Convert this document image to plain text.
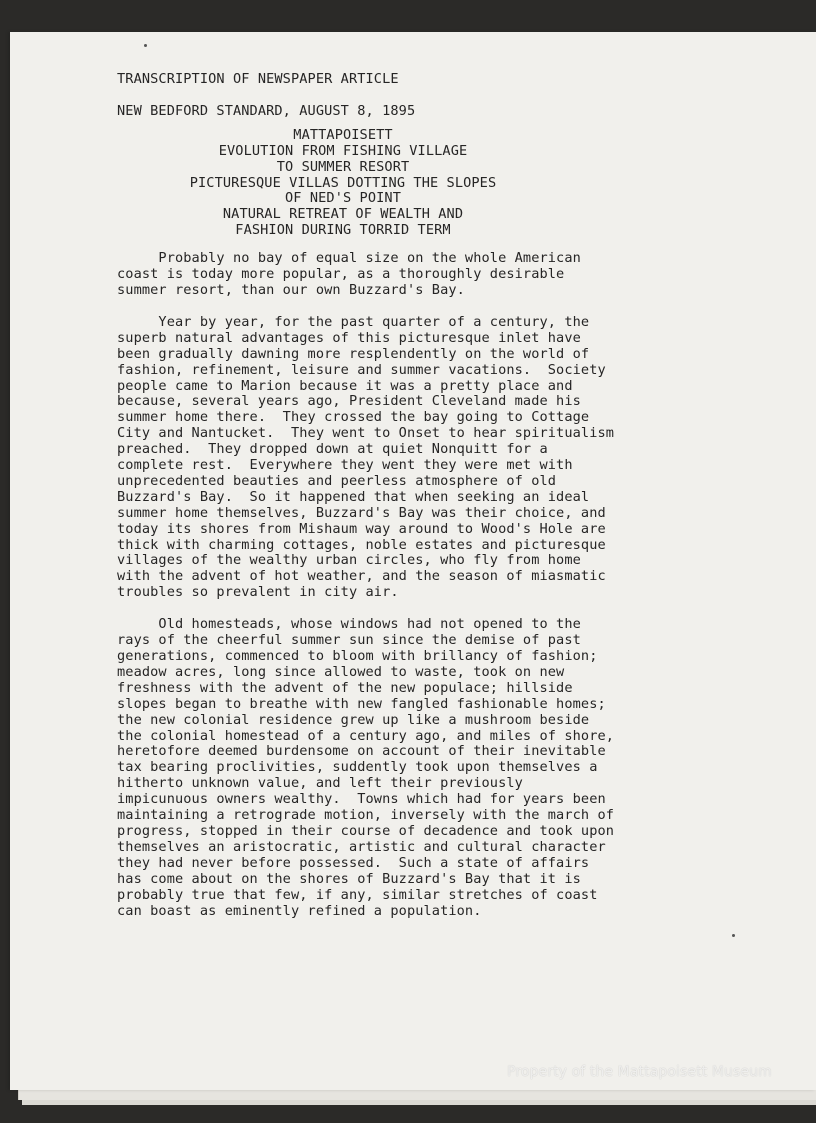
TRANSCRIPTION OF NEWSPAPER ARTICLE

NEW BEDFORD STANDARD, AUGUST 8, 1895

MATTAPOISETT

EVOLUTION FROM FISHING VILLAGE

TO SUMMER RESORT

PICTURESQUE VILLAS DOTTING THE SLOPES

OF NED'S POINT

NATURAL RETREAT OF WEALTH AND

FASHION DURING TORRID TERM

Probably no bay of equal size on the whole American
coast is today more popular, as a thoroughly desirable
summer resort, than our own Buzzard's Bay.
Year by year, for the past quarter of a century, the
superb natural advantages of this picturesque inlet have
been gradually dawning more resplendently on the world of
fashion, refinement, leisure and summer vacations.  Society
people came to Marion because it was a pretty place and
because, several years ago, President Cleveland made his
summer home there.  They crossed the bay going to Cottage
City and Nantucket.  They went to Onset to hear spiritualism
preached.  They dropped down at quiet Nonquitt for a
complete rest.  Everywhere they went they were met with
unprecedented beauties and peerless atmosphere of old
Buzzard's Bay.  So it happened that when seeking an ideal
summer home themselves, Buzzard's Bay was their choice, and
today its shores from Mishaum way around to Wood's Hole are
thick with charming cottages, noble estates and picturesque
villages of the wealthy urban circles, who fly from home
with the advent of hot weather, and the season of miasmatic
troubles so prevalent in city air.
Old homesteads, whose windows had not opened to the
rays of the cheerful summer sun since the demise of past
generations, commenced to bloom with brillancy of fashion;
meadow acres, long since allowed to waste, took on new
freshness with the advent of the new populace; hillside
slopes began to breathe with new fangled fashionable homes;
the new colonial residence grew up like a mushroom beside
the colonial homestead of a century ago, and miles of shore,
heretofore deemed burdensome on account of their inevitable
tax bearing proclivities, suddently took upon themselves a
hitherto unknown value, and left their previously
impicunuous owners wealthy.  Towns which had for years been
maintaining a retrograde motion, inversely with the march of
progress, stopped in their course of decadence and took upon
themselves an aristocratic, artistic and cultural character
they had never before possessed.  Such a state of affairs
has come about on the shores of Buzzard's Bay that it is
probably true that few, if any, similar stretches of coast
can boast as eminently refined a population.
Property of the Mattapoisett Museum
